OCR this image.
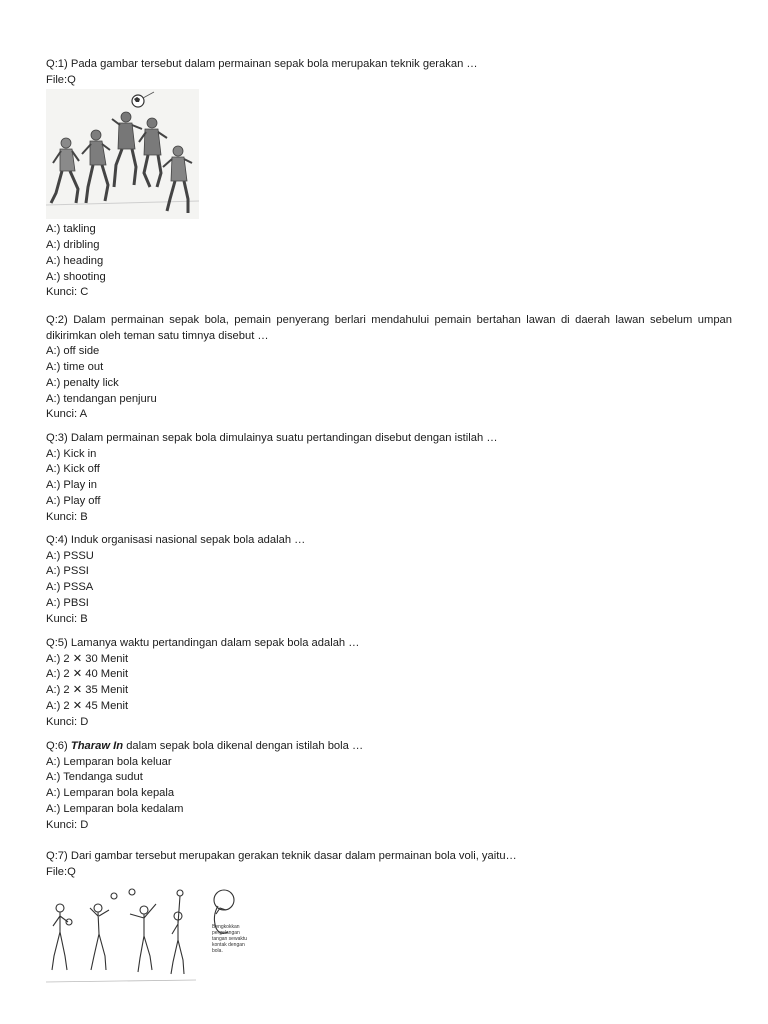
Q:1) Pada gambar tersebut dalam permainan sepak bola merupakan teknik gerakan …
File:Q
A:) takling
A:) dribling
A:) heading
A:) shooting
Kunci: C
Q:2) Dalam permainan sepak bola, pemain penyerang berlari mendahului pemain bertahan lawan di daerah lawan sebelum umpan dikirimkan oleh teman satu timnya disebut …
A:) off side
A:) time out
A:) penalty lick
A:) tendangan penjuru
Kunci: A
Q:3) Dalam permainan sepak bola dimulainya suatu pertandingan disebut dengan istilah …
A:) Kick in
A:) Kick off
A:) Play in
A:) Play off
Kunci: B
Q:4) Induk organisasi nasional sepak bola adalah …
A:) PSSU
A:) PSSI
A:) PSSA
A:) PBSI
Kunci: B
Q:5) Lamanya waktu pertandingan dalam sepak bola adalah …
A:) 2 ✕ 30 Menit
A:) 2 ✕ 40 Menit
A:) 2 ✕ 35 Menit
A:) 2 ✕ 45 Menit
Kunci: D
Q:6) Tharaw In dalam sepak bola dikenal dengan istilah bola …
A:) Lemparan bola keluar
A:) Tendanga sudut
A:) Lemparan bola kepala
A:) Lemparan bola kedalam
Kunci: D
Q:7) Dari gambar tersebut merupakan gerakan teknik dasar dalam permainan bola voli, yaitu…
File:Q
Bengkokkan
pergelangan
tangan sewaktu
kontak dengan
bola.
